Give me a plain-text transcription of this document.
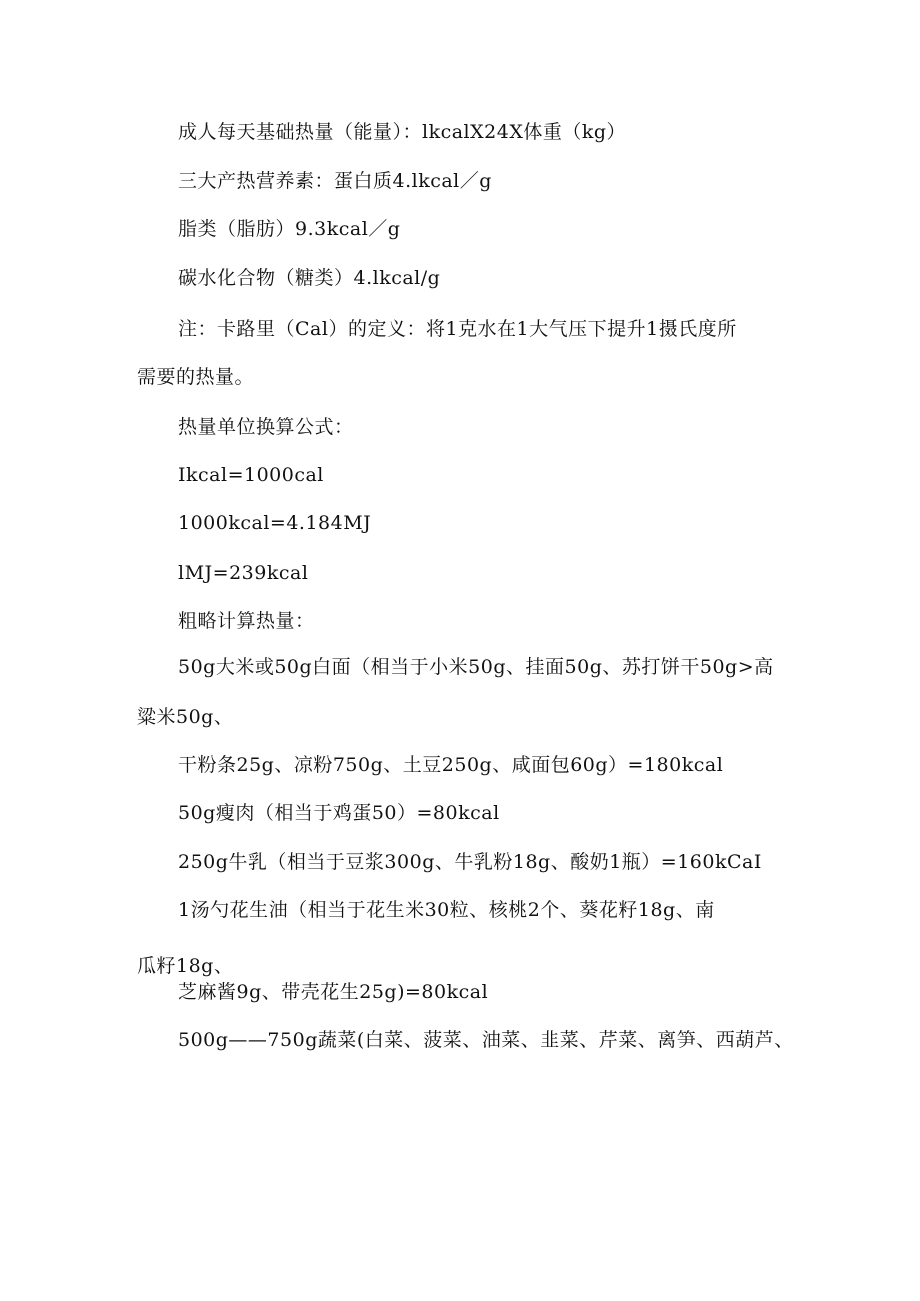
成人每天基础热量（能量）：lkcalX24X体重（kg）
三大产热营养素：蛋白质4.lkcal／g
脂类（脂肪）9.3kcal／g
碳水化合物（糖类）4.lkcal/g
注：卡路里（Cal）的定义：将1克水在1大气压下提升1摄氏度所
需要的热量。
热量单位换算公式：
Ikcal=1000cal
1000kcal=4.184MJ
lMJ=239kcal
粗略计算热量：
50g大米或50g白面（相当于小米50g、挂面50g、苏打饼干50g>高
粱米50g、
干粉条25g、凉粉750g、土豆250g、咸面包60g）=180kcal
50g瘦肉（相当于鸡蛋50）=80kcal
250g牛乳（相当于豆浆300g、牛乳粉18g、酸奶1瓶）=160kCaI
1汤勺花生油（相当于花生米30粒、核桃2个、葵花籽18g、南
瓜籽18g、
芝麻酱9g、带壳花生25g)=80kcal
500g——750g蔬菜(白菜、菠菜、油菜、韭菜、芹菜、离笋、西葫芦、
